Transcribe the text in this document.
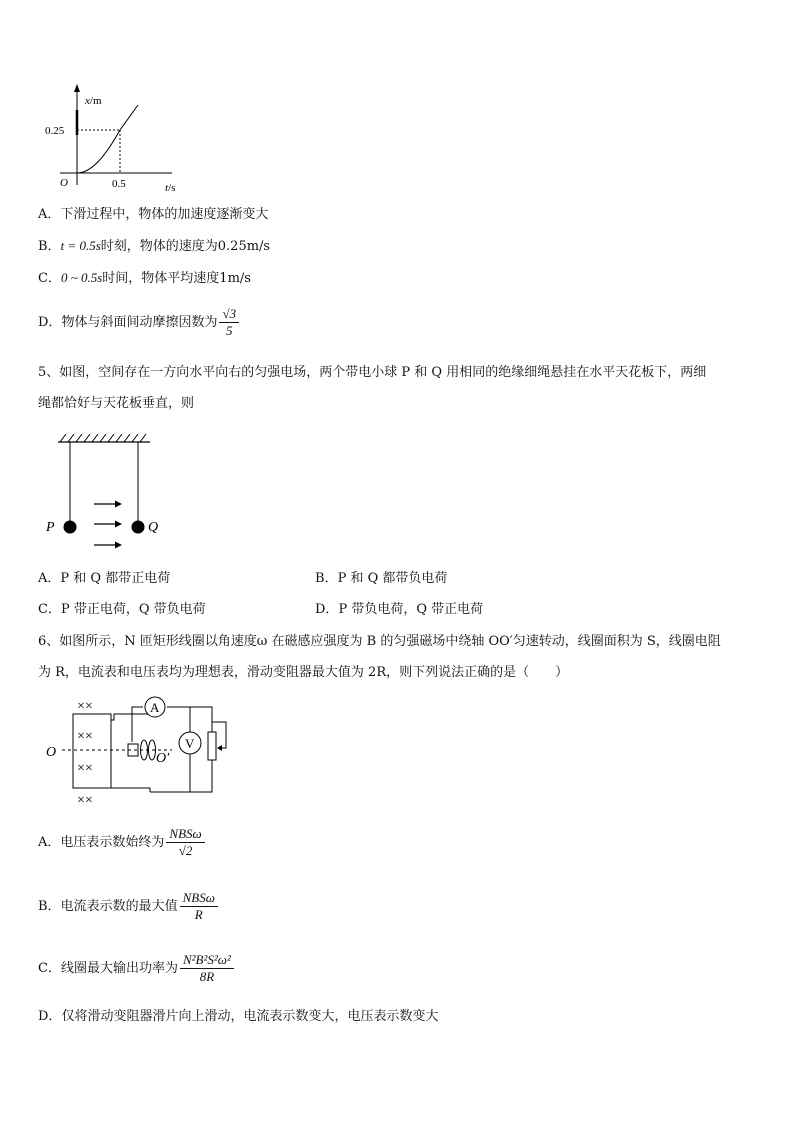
x/m
0.25
O	0.5	t/s
A．下滑过程中，物体的加速度逐渐变大
B．t = 0.5s时刻，物体的速度为0.25m/s
C．0 ~ 0.5s时间，物体平均速度1m/s
D．物体与斜面间动摩擦因数为 $\frac{√3}{5}$
5、如图，空间存在一方向水平向右的匀强电场，两个带电小球 P 和 Q 用相同的绝缘细绳悬挂在水平天花板下，两细
绳都恰好与天花板垂直，则
P	Q
A．P 和 Q 都带正电荷	B．P 和 Q 都带负电荷
C．P 带正电荷，Q 带负电荷	D．P 带负电荷，Q 带正电荷
6、如图所示，N 匝矩形线圈以角速度ω 在磁感应强度为 B 的匀强磁场中绕轴 OO′匀速转动，线圈面积为 S，线圈电阻
为 R，电流表和电压表均为理想表，滑动变阻器最大值为 2R，则下列说法正确的是（　　）
××
××
××
××
O	O′
A
V
A．电压表示数始终为 $\frac{\text{NBSω}}{√2}$
B．电流表示数的最大值 $\frac{\text{NBSω}}{R}$
C．线圈最大输出功率为 $\frac{\text{N²B²S²ω²}}{8R}$
D．仅将滑动变阻器滑片向上滑动，电流表示数变大，电压表示数变大
